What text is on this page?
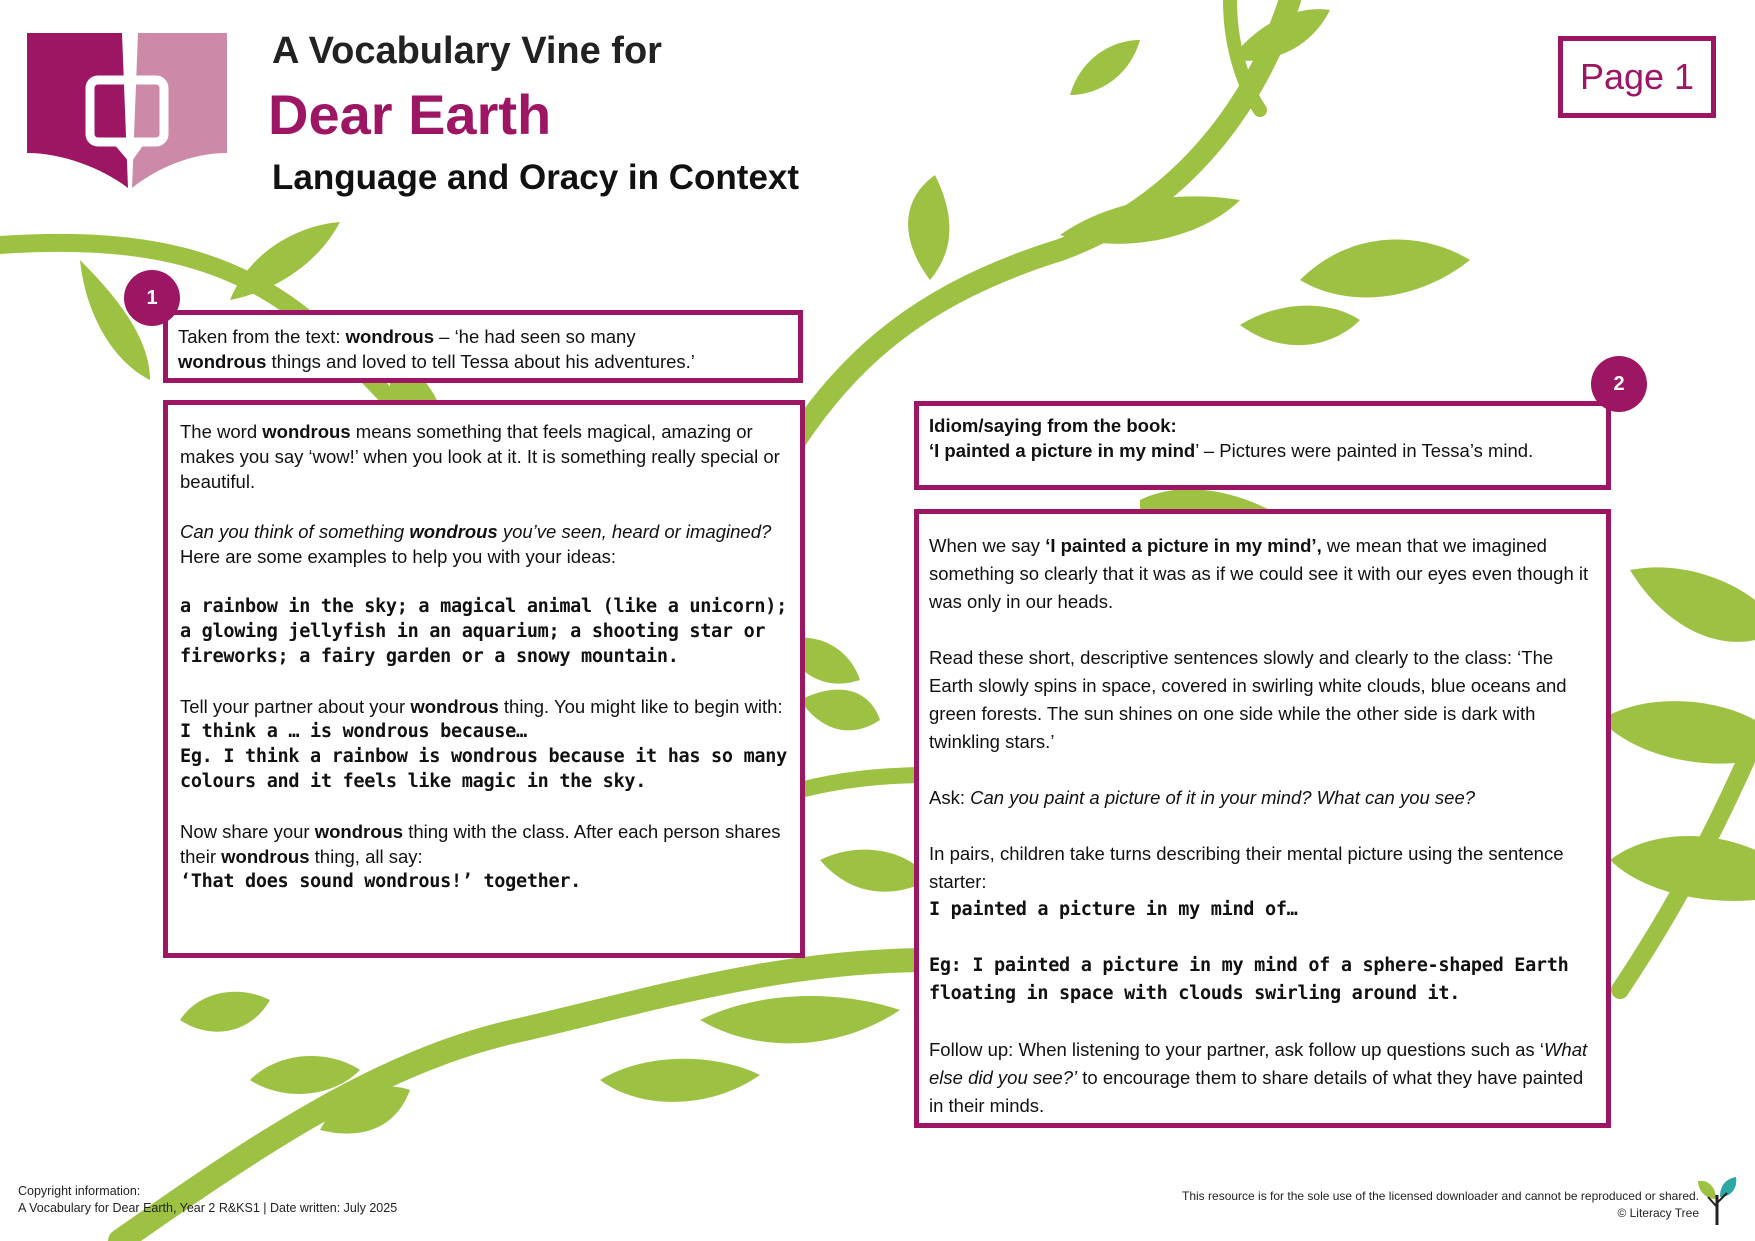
A Vocabulary Vine for
Dear Earth
Language and Oracy in Context
Page 1

Taken from the text: wondrous – ‘he had seen so many
wondrous things and loved to tell Tessa about his adventures.’

1

The word wondrous means something that feels magical, amazing or makes you say ‘wow!’ when you look at it. It is something really special or beautiful.

Can you think of something wondrous you’ve seen, heard or imagined? Here are some examples to help you with your ideas:

a rainbow in the sky; a magical animal (like a unicorn); a glowing jellyfish in an aquarium; a shooting star or fireworks; a fairy garden or a snowy mountain.

Tell your partner about your wondrous thing. You might like to begin with:

I think a … is wondrous because…

Eg. I think a rainbow is wondrous because it has so many colours and it feels like magic in the sky.

Now share your wondrous thing with the class. After each person shares their wondrous thing, all say:

‘That does sound wondrous!’ together.

Idiom/saying from the book:

‘I painted a picture in my mind’ – Pictures were painted in Tessa’s mind.

2

When we say ‘I painted a picture in my mind’, we mean that we imagined something so clearly that it was as if we could see it with our eyes even though it was only in our heads.

Read these short, descriptive sentences slowly and clearly to the class: ‘The Earth slowly spins in space, covered in swirling white clouds, blue oceans and green forests. The sun shines on one side while the other side is dark with twinkling stars.’

Ask: Can you paint a picture of it in your mind? What can you see?

In pairs, children take turns describing their mental picture using the sentence starter:

I painted a picture in my mind of…

Eg: I painted a picture in my mind of a sphere-shaped Earth floating in space with clouds swirling around it.

Follow up: When listening to your partner, ask follow up questions such as ‘What else did you see?’ to encourage them to share details of what they have painted in their minds.

Copyright information:
A Vocabulary for Dear Earth, Year 2 R&KS1 | Date written: July 2025
This resource is for the sole use of the licensed downloader and cannot be reproduced or shared.
© Literacy Tree
